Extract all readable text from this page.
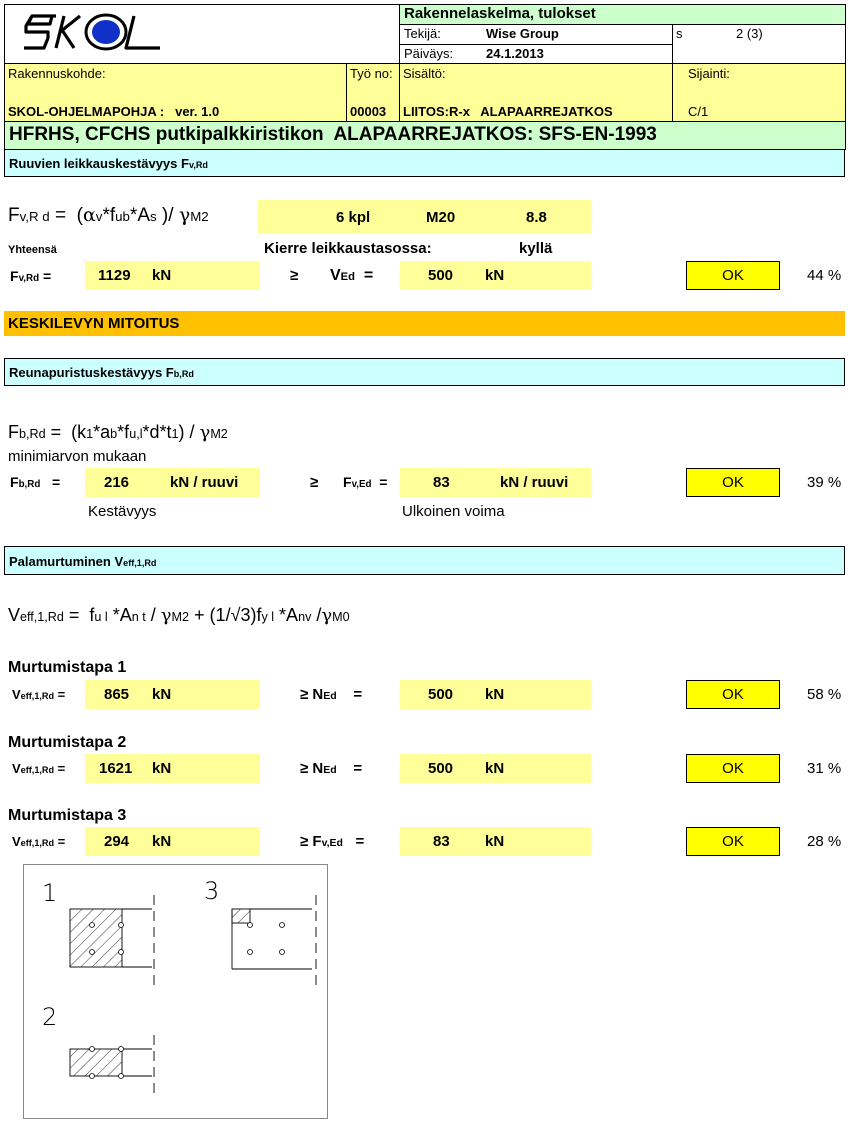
Rakennelaskelma, tulokset
Tekijä:	Wise Group	s	2 (3)
Päiväys:	24.1.2013
Rakennuskohde:
SKOL-OHJELMAPOHJA :   ver. 1.0
Työ no:
00003
Sisältö:
LIITOS:R-x   ALAPAARREJATKOS
Sijainti:
C/1
HFRHS, CFCHS putkipalkkiristikon  ALAPAARREJATKOS: SFS-EN-1993
Ruuvien leikkauskestävyys $F_{v,Rd}$
$F_{v,R d} = (\alpha_v*f_{ub}*A_s$ )/ $\gamma_{M2}$	6 kpl	M20	8.8
Yhteensä	Kierre leikkaustasossa:	kyllä
$F_{v,Rd}$ =	1129 kN	≥ $V_{Ed}$  =	500 kN	OK	44 %
KESKILEVYN MITOITUS
Reunapuristuskestävyys $F_{b,Rd}$
$F_{b,Rd} = (k_1*a_b*f_{u,l}*d*t_1) / \gamma_{M2}$
minimiarvon mukaan
$F_{b,Rd}$   =	216	kN / ruuvi	≥ $F_{v,Ed}$  =	83	kN / ruuvi	OK	39 %
Kestävyys	Ulkoinen voima
Palamurtuminen $V_{eff,1,Rd}$
$V_{eff,1,Rd} = f_{u l}$ $*A_{n t} / \gamma_{M2} + (1/√3)f_{y l}$ $*A_{nv}$ $/\gamma_{M0}$
Murtumistapa 1
$V_{eff,1,Rd}$ =	865 kN	≥ $N_{Ed}$    =	500 kN	OK	58 %
Murtumistapa 2
$V_{eff,1,Rd} = 1621$ kN	≥ $N_{Ed}$    =	500 kN	OK	31 %
Murtumistapa 3
$V_{eff,1,Rd}$ =	294 kN	≥ $F_{v,Ed}$   =	83 kN	OK	28 %
1	3
2
